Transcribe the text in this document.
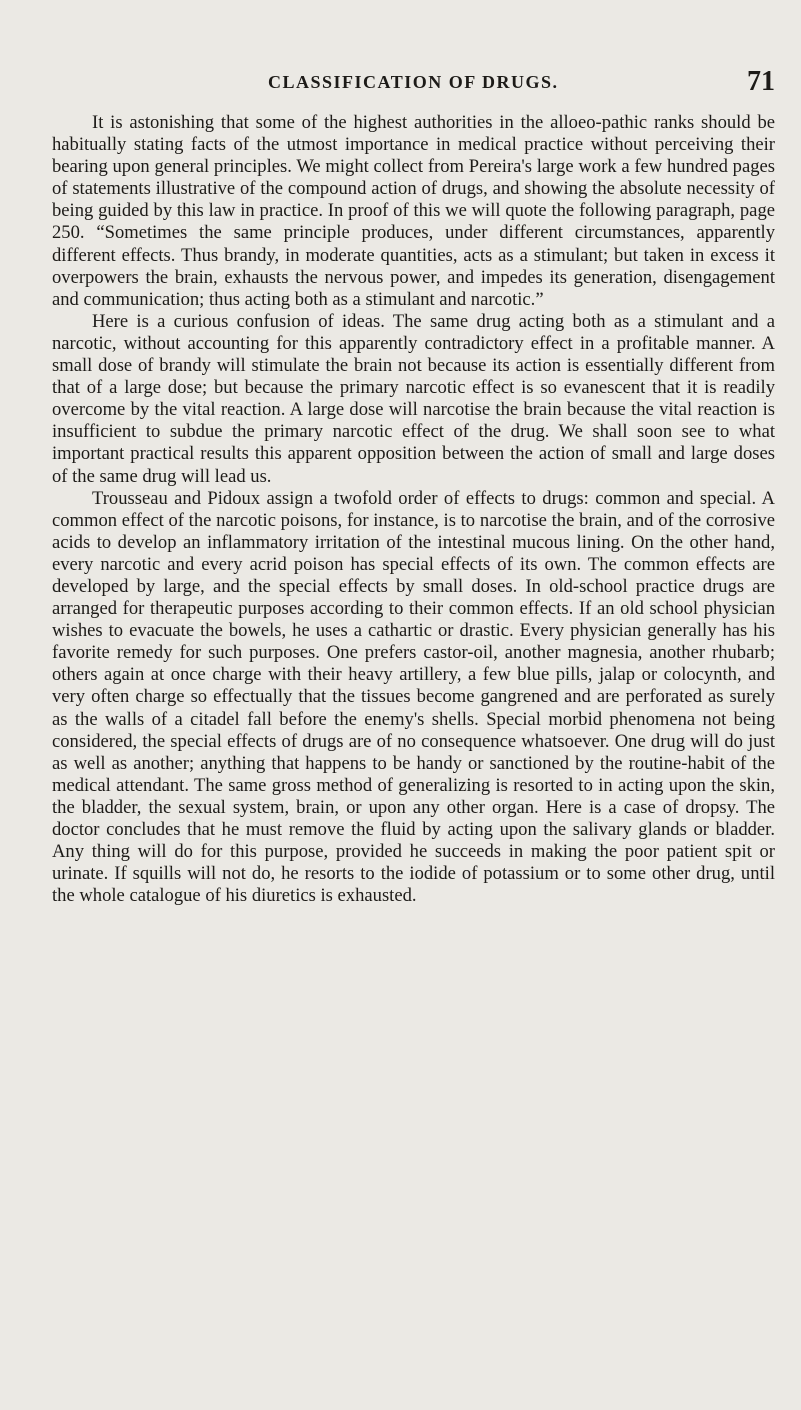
CLASSIFICATION OF DRUGS.	71

It is astonishing that some of the highest authorities in the alloeo-pathic ranks should be habitually stating facts of the utmost importance in medical practice without perceiving their bearing upon general principles. We might collect from Pereira's large work a few hundred pages of statements illustrative of the compound action of drugs, and showing the absolute necessity of being guided by this law in practice. In proof of this we will quote the following paragraph, page 250. “Sometimes the same principle produces, under different circumstances, apparently different effects. Thus brandy, in moderate quantities, acts as a stimulant; but taken in excess it overpowers the brain, exhausts the nervous power, and impedes its generation, disengagement and communication; thus acting both as a stimulant and narcotic.”

Here is a curious confusion of ideas. The same drug acting both as a stimulant and a narcotic, without accounting for this apparently contradictory effect in a profitable manner. A small dose of brandy will stimulate the brain not because its action is essentially different from that of a large dose; but because the primary narcotic effect is so evanescent that it is readily overcome by the vital reaction. A large dose will narcotise the brain because the vital reaction is insufficient to subdue the primary narcotic effect of the drug. We shall soon see to what important practical results this apparent opposition between the action of small and large doses of the same drug will lead us.

Trousseau and Pidoux assign a twofold order of effects to drugs: common and special. A common effect of the narcotic poisons, for instance, is to narcotise the brain, and of the corrosive acids to develop an inflammatory irritation of the intestinal mucous lining. On the other hand, every narcotic and every acrid poison has special effects of its own. The common effects are developed by large, and the special effects by small doses. In old-school practice drugs are arranged for therapeutic purposes according to their common effects. If an old school physician wishes to evacuate the bowels, he uses a cathartic or drastic. Every physician generally has his favorite remedy for such purposes. One prefers castor-oil, another magnesia, another rhubarb; others again at once charge with their heavy artillery, a few blue pills, jalap or colocynth, and very often charge so effectually that the tissues become gangrened and are perforated as surely as the walls of a citadel fall before the enemy's shells. Special morbid phenomena not being considered, the special effects of drugs are of no consequence whatsoever. One drug will do just as well as another; anything that happens to be handy or sanctioned by the routine-habit of the medical attendant. The same gross method of generalizing is resorted to in acting upon the skin, the bladder, the sexual system, brain, or upon any other organ. Here is a case of dropsy. The doctor concludes that he must remove the fluid by acting upon the salivary glands or bladder. Any thing will do for this purpose, provided he succeeds in making the poor patient spit or urinate. If squills will not do, he resorts to the iodide of potassium or to some other drug, until the whole catalogue of his diuretics is exhausted.
